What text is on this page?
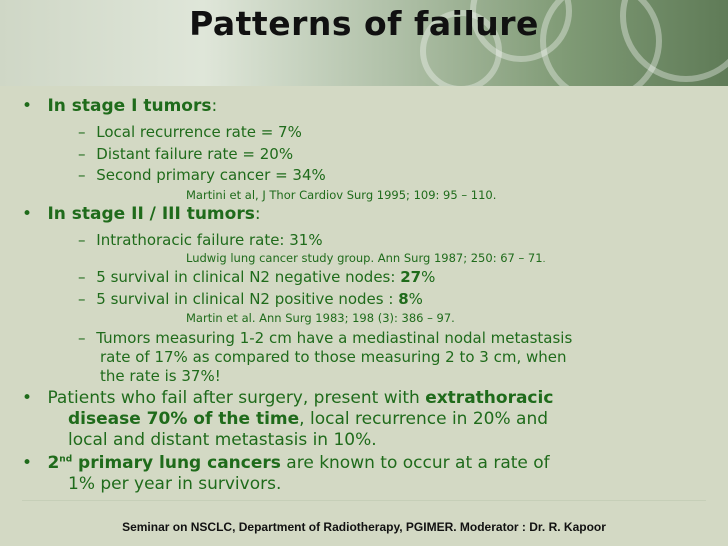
Patterns of failure
• In stage I tumors:
– Local recurrence rate = 7%
– Distant failure rate = 20%
– Second primary cancer = 34%
Martini et al, J Thor Cardiov Surg 1995; 109: 95 – 110.
• In stage II / III tumors:
– Intrathoracic failure rate: 31%
Ludwig lung cancer study group. Ann Surg 1987; 250: 67 – 71.
– 5 survival in clinical N2 negative nodes: 27%
– 5 survival in clinical N2 positive nodes : 8%
Martin et al. Ann Surg 1983; 198 (3): 386 – 97.
– Tumors measuring 1-2 cm have a mediastinal nodal metastasis
rate of 17% as compared to those measuring 2 to 3 cm, when
the rate is 37%!
• Patients who fail after surgery, present with extrathoracic
disease 70% of the time, local recurrence in 20% and
local and distant metastasis in 10%.
• 2nd primary lung cancers are known to occur at a rate of
1% per year in survivors.
Seminar on NSCLC, Department of Radiotherapy, PGIMER. Moderator : Dr. R. Kapoor
